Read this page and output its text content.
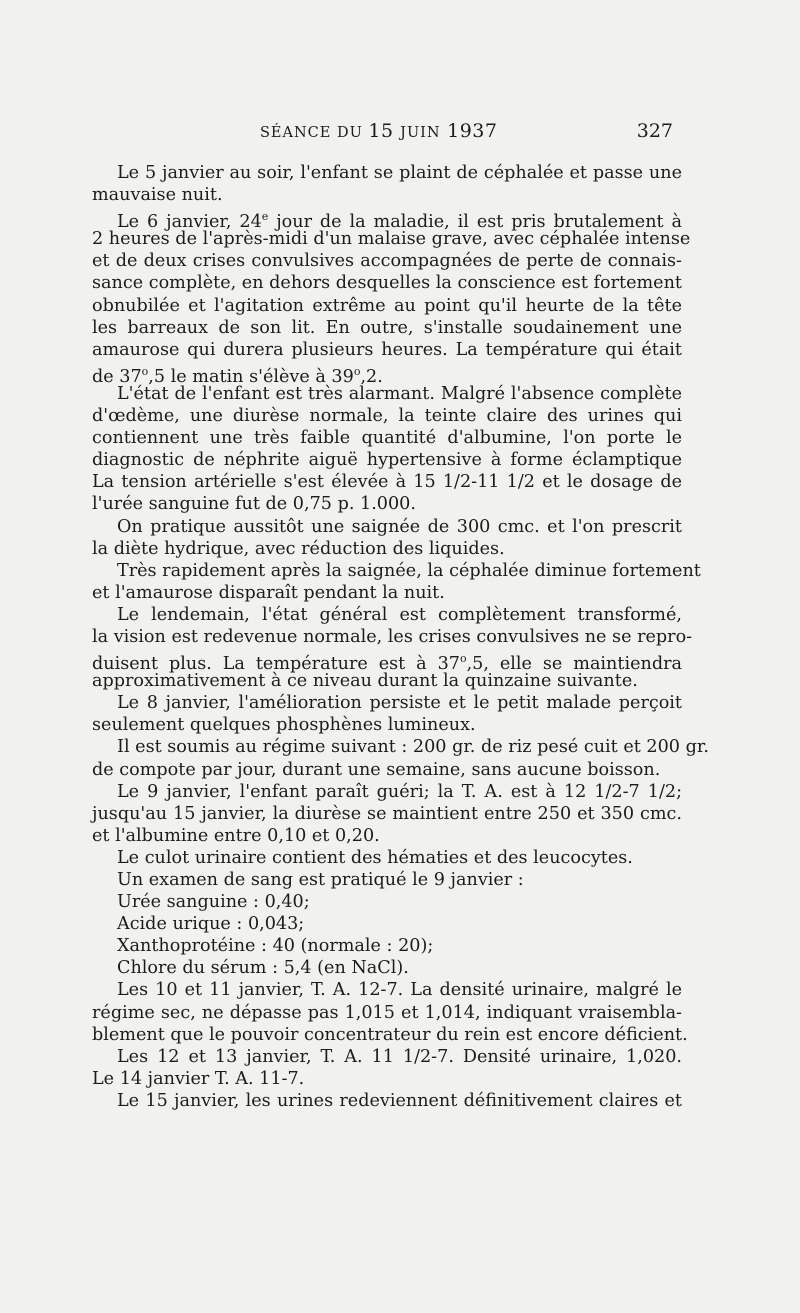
SÉANCE DU 15 JUIN 1937	327
Le 5 janvier au soir, l'enfant se plaint de céphalée et passe une
mauvaise nuit.
Le 6 janvier, 24e jour de la maladie, il est pris brutalement à
2 heures de l'après-midi d'un malaise grave, avec céphalée intense
et de deux crises convulsives accompagnées de perte de connais-
sance complète, en dehors desquelles la conscience est fortement
obnubilée et l'agitation extrême au point qu'il heurte de la tête
les barreaux de son lit. En outre, s'installe soudainement une
amaurose qui durera plusieurs heures. La température qui était
de 37$^o$,5 le matin s'élève à 39$^o$,2.
L'état de l'enfant est très alarmant. Malgré l'absence complète
d'œdème, une diurèse normale, la teinte claire des urines qui
contiennent une très faible quantité d'albumine, l'on porte le
diagnostic de néphrite aiguë hypertensive à forme éclamptique
La tension artérielle s'est élevée à 15 1/2-11 1/2 et le dosage de
l'urée sanguine fut de 0,75 p. 1.000.
On pratique aussitôt une saignée de 300 cmc. et l'on prescrit
la diète hydrique, avec réduction des liquides.
Très rapidement après la saignée, la céphalée diminue fortement
et l'amaurose disparaît pendant la nuit.
Le lendemain, l'état général est complètement transformé,
la vision est redevenue normale, les crises convulsives ne se repro-
duisent plus. La température est à 37$^o$,5, elle se maintiendra
approximativement à ce niveau durant la quinzaine suivante.
Le 8 janvier, l'amélioration persiste et le petit malade perçoit
seulement quelques phosphènes lumineux.
Il est soumis au régime suivant : 200 gr. de riz pesé cuit et 200 gr.
de compote par jour, durant une semaine, sans aucune boisson.
Le 9 janvier, l'enfant paraît guéri; la T. A. est à 12 1/2-7 1/2;
jusqu'au 15 janvier, la diurèse se maintient entre 250 et 350 cmc.
et l'albumine entre 0,10 et 0,20.
Le culot urinaire contient des hématies et des leucocytes.
Un examen de sang est pratiqué le 9 janvier :
Urée sanguine : 0,40;
Acide urique : 0,043;
Xanthoprotéine : 40 (normale : 20);
Chlore du sérum : 5,4 (en NaCl).
Les 10 et 11 janvier, T. A. 12-7. La densité urinaire, malgré le
régime sec, ne dépasse pas 1,015 et 1,014, indiquant vraisembla-
blement que le pouvoir concentrateur du rein est encore déficient.
Les 12 et 13 janvier, T. A. 11 1/2-7. Densité urinaire, 1,020.
Le 14 janvier T. A. 11-7.
Le 15 janvier, les urines redeviennent définitivement claires et
